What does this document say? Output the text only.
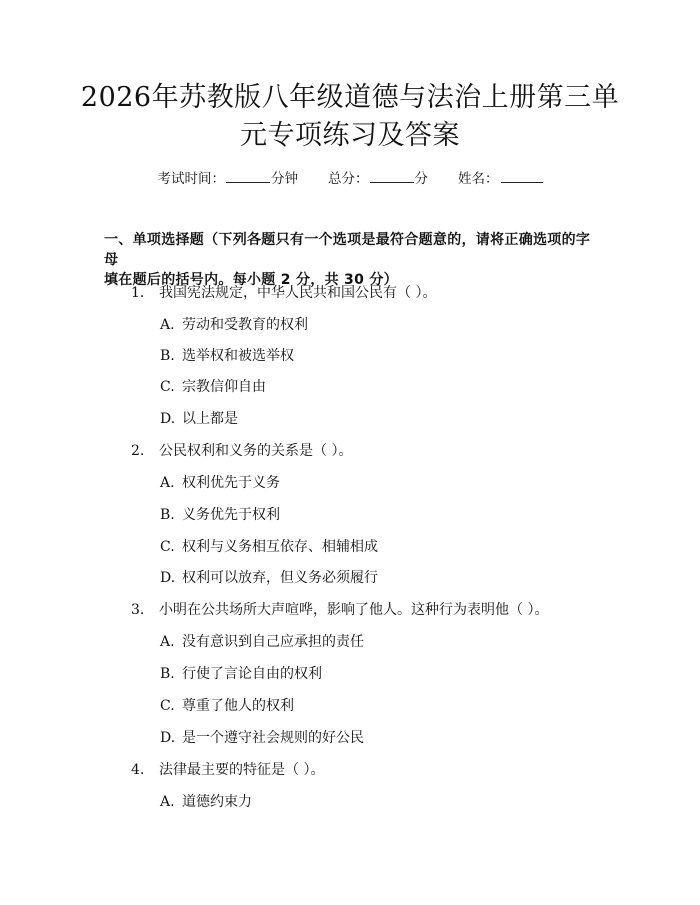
2026年苏教版八年级道德与法治上册第三单
元专项练习及答案
考试时间：	分钟 总分：	分 姓名：
一、单项选择题（下列各题只有一个选项是最符合题意的，请将正确选项的字母
填在题后的括号内。每小题 2 分，共 30 分）
1. 我国宪法规定，中华人民共和国公民有（ ）。
A. 劳动和受教育的权利
B. 选举权和被选举权
C. 宗教信仰自由
D. 以上都是
2. 公民权利和义务的关系是（ ）。
A. 权利优先于义务
B. 义务优先于权利
C. 权利与义务相互依存、相辅相成
D. 权利可以放弃，但义务必须履行
3. 小明在公共场所大声喧哗，影响了他人。这种行为表明他（ ）。
A. 没有意识到自己应承担的责任
B. 行使了言论自由的权利
C. 尊重了他人的权利
D. 是一个遵守社会规则的好公民
4. 法律最主要的特征是（ ）。
A. 道德约束力
